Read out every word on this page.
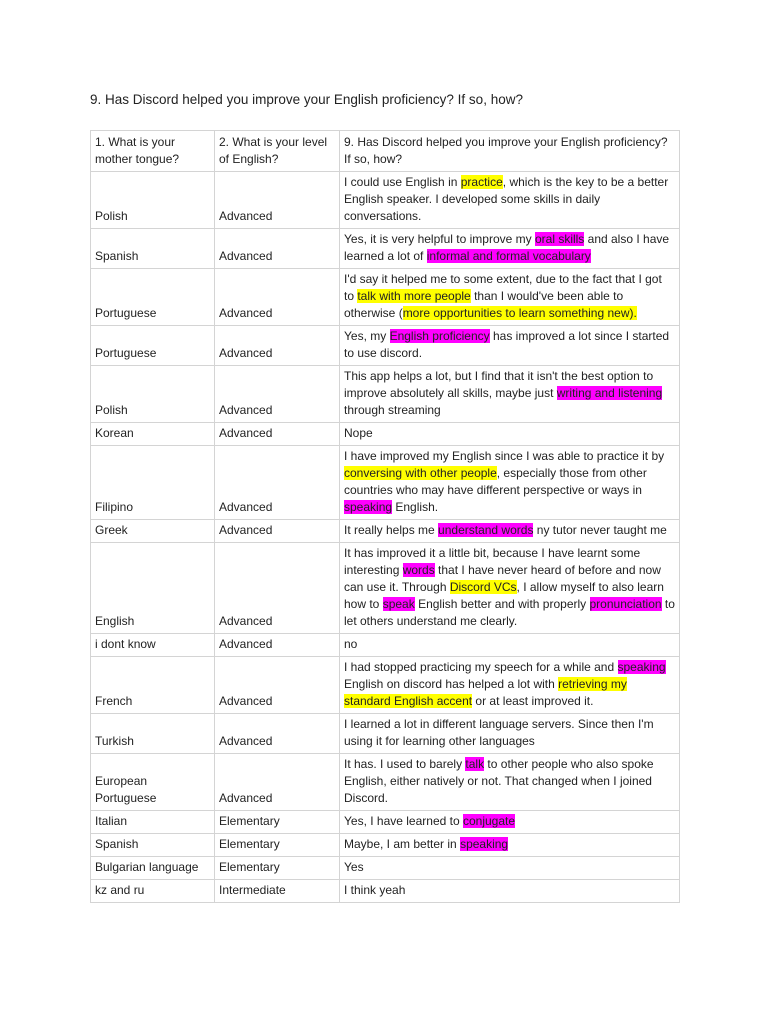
9. Has Discord helped you improve your English proficiency? If so, how?
1. What is your mother tongue?	2. What is your level of English?	9. Has Discord helped you improve your English proficiency? If so, how?
Polish	Advanced	I could use English in practice, which is the key to be a better English speaker. I developed some skills in daily conversations.
Spanish	Advanced	Yes, it is very helpful to improve my oral skills and also I have learned a lot of informal and formal vocabulary
Portuguese	Advanced	I'd say it helped me to some extent, due to the fact that I got to talk with more people than I would've been able to otherwise (more opportunities to learn something new).
Portuguese	Advanced	Yes, my English proficiency has improved a lot since I started to use discord.
Polish	Advanced	This app helps a lot, but I find that it isn't the best option to improve absolutely all skills, maybe just writing and listening through streaming
Korean	Advanced	Nope
Filipino	Advanced	I have improved my English since I was able to practice it by conversing with other people, especially those from other countries who may have different perspective or ways in speaking English.
Greek	Advanced	It really helps me understand words ny tutor never taught me
English	Advanced	It has improved it a little bit, because I have learnt some interesting words that I have never heard of before and now can use it. Through Discord VCs, I allow myself to also learn how to speak English better and with properly pronunciation to let others understand me clearly.
i dont know	Advanced	no
French	Advanced	I had stopped practicing my speech for a while and speaking English on discord has helped a lot with retrieving my standard English accent or at least improved it.
Turkish	Advanced	I learned a lot in different language servers. Since then I'm using it for learning other languages
European Portuguese	Advanced	It has. I used to barely talk to other people who also spoke English, either natively or not. That changed when I joined Discord.
Italian	Elementary	Yes, I have learned to conjugate
Spanish	Elementary	Maybe, I am better in speaking
Bulgarian language	Elementary	Yes
kz and ru	Intermediate	I think yeah
